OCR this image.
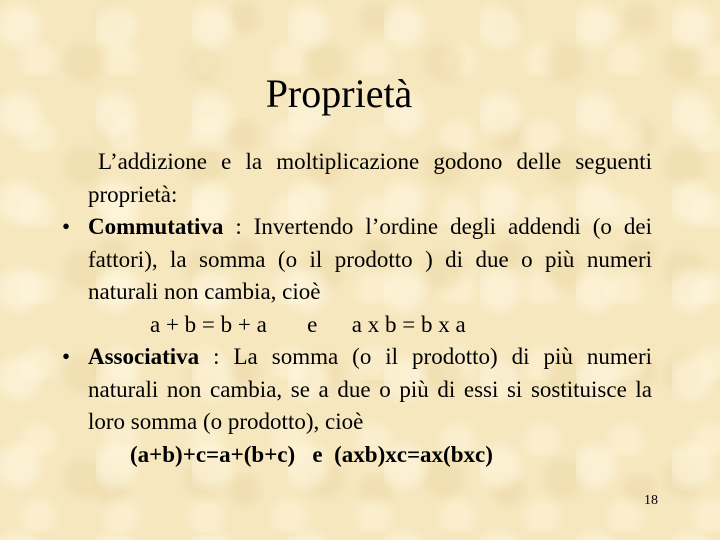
Proprietà

L’addizione e la moltiplicazione godono delle seguenti proprietà:

• Commutativa : Invertendo l’ordine degli addendi (o dei fattori), la somma (o il prodotto ) di due o più numeri naturali non cambia, cioè

a + b = b + a       e      a x b = b x a

• Associativa : La somma (o il prodotto) di più numeri naturali non cambia, se a due o più di essi si sostituisce la loro somma (o prodotto), cioè

(a+b)+c=a+(b+c)   e  (axb)xc=ax(bxc)

18
